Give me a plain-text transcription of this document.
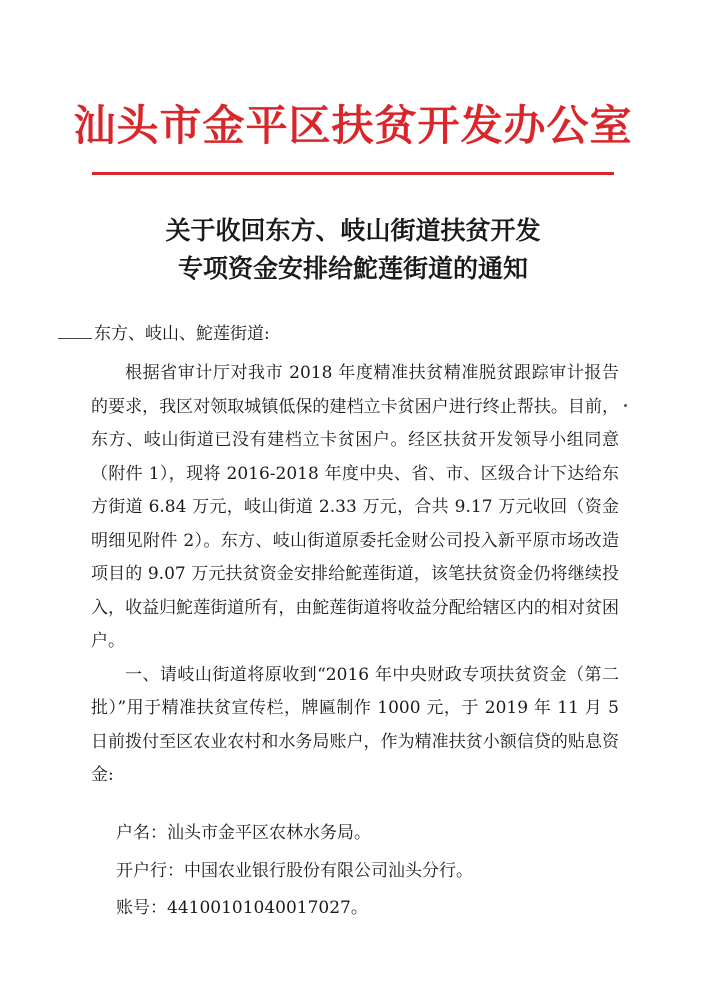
汕头市金平区扶贫开发办公室
关于收回东方、岐山街道扶贫开发
专项资金安排给鮀莲街道的通知
东方、岐山、鮀莲街道:

根据省审计厅对我市 2018 年度精准扶贫精准脱贫跟踪审计报告的要求，我区对领取城镇低保的建档立卡贫困户进行终止帮扶。目前，东方、岐山街道已没有建档立卡贫困户。经区扶贫开发领导小组同意（附件 1），现将 2016-2018 年度中央、省、市、区级合计下达给东方街道 6.84 万元，岐山街道 2.33 万元，合共 9.17 万元收回（资金明细见附件 2）。东方、岐山街道原委托金财公司投入新平原市场改造项目的 9.07 万元扶贫资金安排给鮀莲街道，该笔扶贫资金仍将继续投入，收益归鮀莲街道所有，由鮀莲街道将收益分配给辖区内的相对贫困户。

一、请岐山街道将原收到“2016 年中央财政专项扶贫资金（第二批）”用于精准扶贫宣传栏，牌匾制作 1000 元，于 2019 年 11 月 5 日前拨付至区农业农村和水务局账户，作为精准扶贫小额信贷的贴息资金:

户名：汕头市金平区农林水务局。
开户行：中国农业银行股份有限公司汕头分行。
账号：44100101040017027。
